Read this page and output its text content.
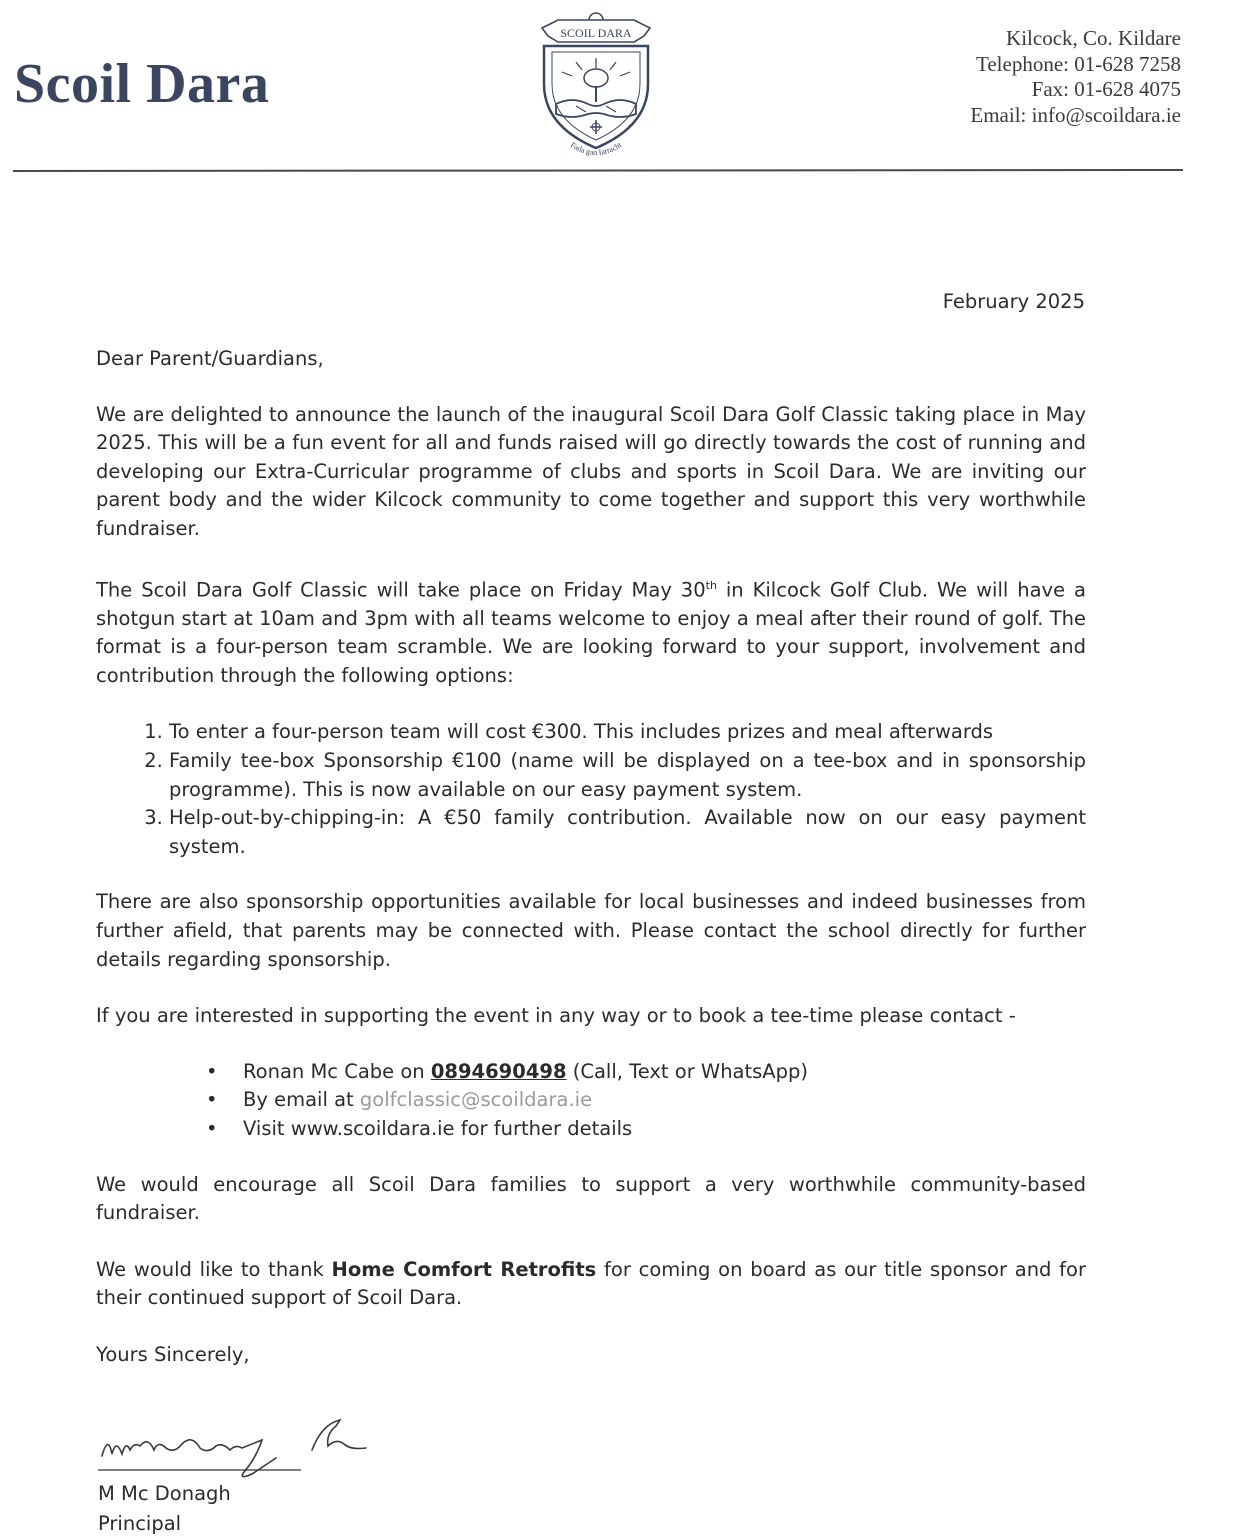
Scoil Dara
SCOIL DARA
Fada gan Iarracht
Kilcock, Co. Kildare
Telephone: 01-628 7258
Fax: 01-628 4075
Email: info@scoildara.ie
February 2025

Dear Parent/Guardians,

We are delighted to announce the launch of the inaugural Scoil Dara Golf Classic taking place in May 2025. This will be a fun event for all and funds raised will go directly towards the cost of running and developing our Extra-Curricular programme of clubs and sports in Scoil Dara. We are inviting our parent body and the wider Kilcock community to come together and support this very worthwhile fundraiser.

The Scoil Dara Golf Classic will take place on Friday May 30th in Kilcock Golf Club. We will have a shotgun start at 10am and 3pm with all teams welcome to enjoy a meal after their round of golf. The format is a four-person team scramble. We are looking forward to your support, involvement and contribution through the following options:

1. To enter a four-person team will cost €300. This includes prizes and meal afterwards
2. Family tee-box Sponsorship €100 (name will be displayed on a tee-box and in sponsorship programme). This is now available on our easy payment system.
3. Help-out-by-chipping-in: A €50 family contribution. Available now on our easy payment system.

There are also sponsorship opportunities available for local businesses and indeed businesses from further afield, that parents may be connected with. Please contact the school directly for further details regarding sponsorship.

If you are interested in supporting the event in any way or to book a tee-time please contact -

• Ronan Mc Cabe on 0894690498 (Call, Text or WhatsApp)
• By email at golfclassic@scoildara.ie
• Visit www.scoildara.ie for further details

We would encourage all Scoil Dara families to support a very worthwhile community-based fundraiser.

We would like to thank Home Comfort Retrofits for coming on board as our title sponsor and for their continued support of Scoil Dara.

Yours Sincerely,

M Mc Donagh
Principal
